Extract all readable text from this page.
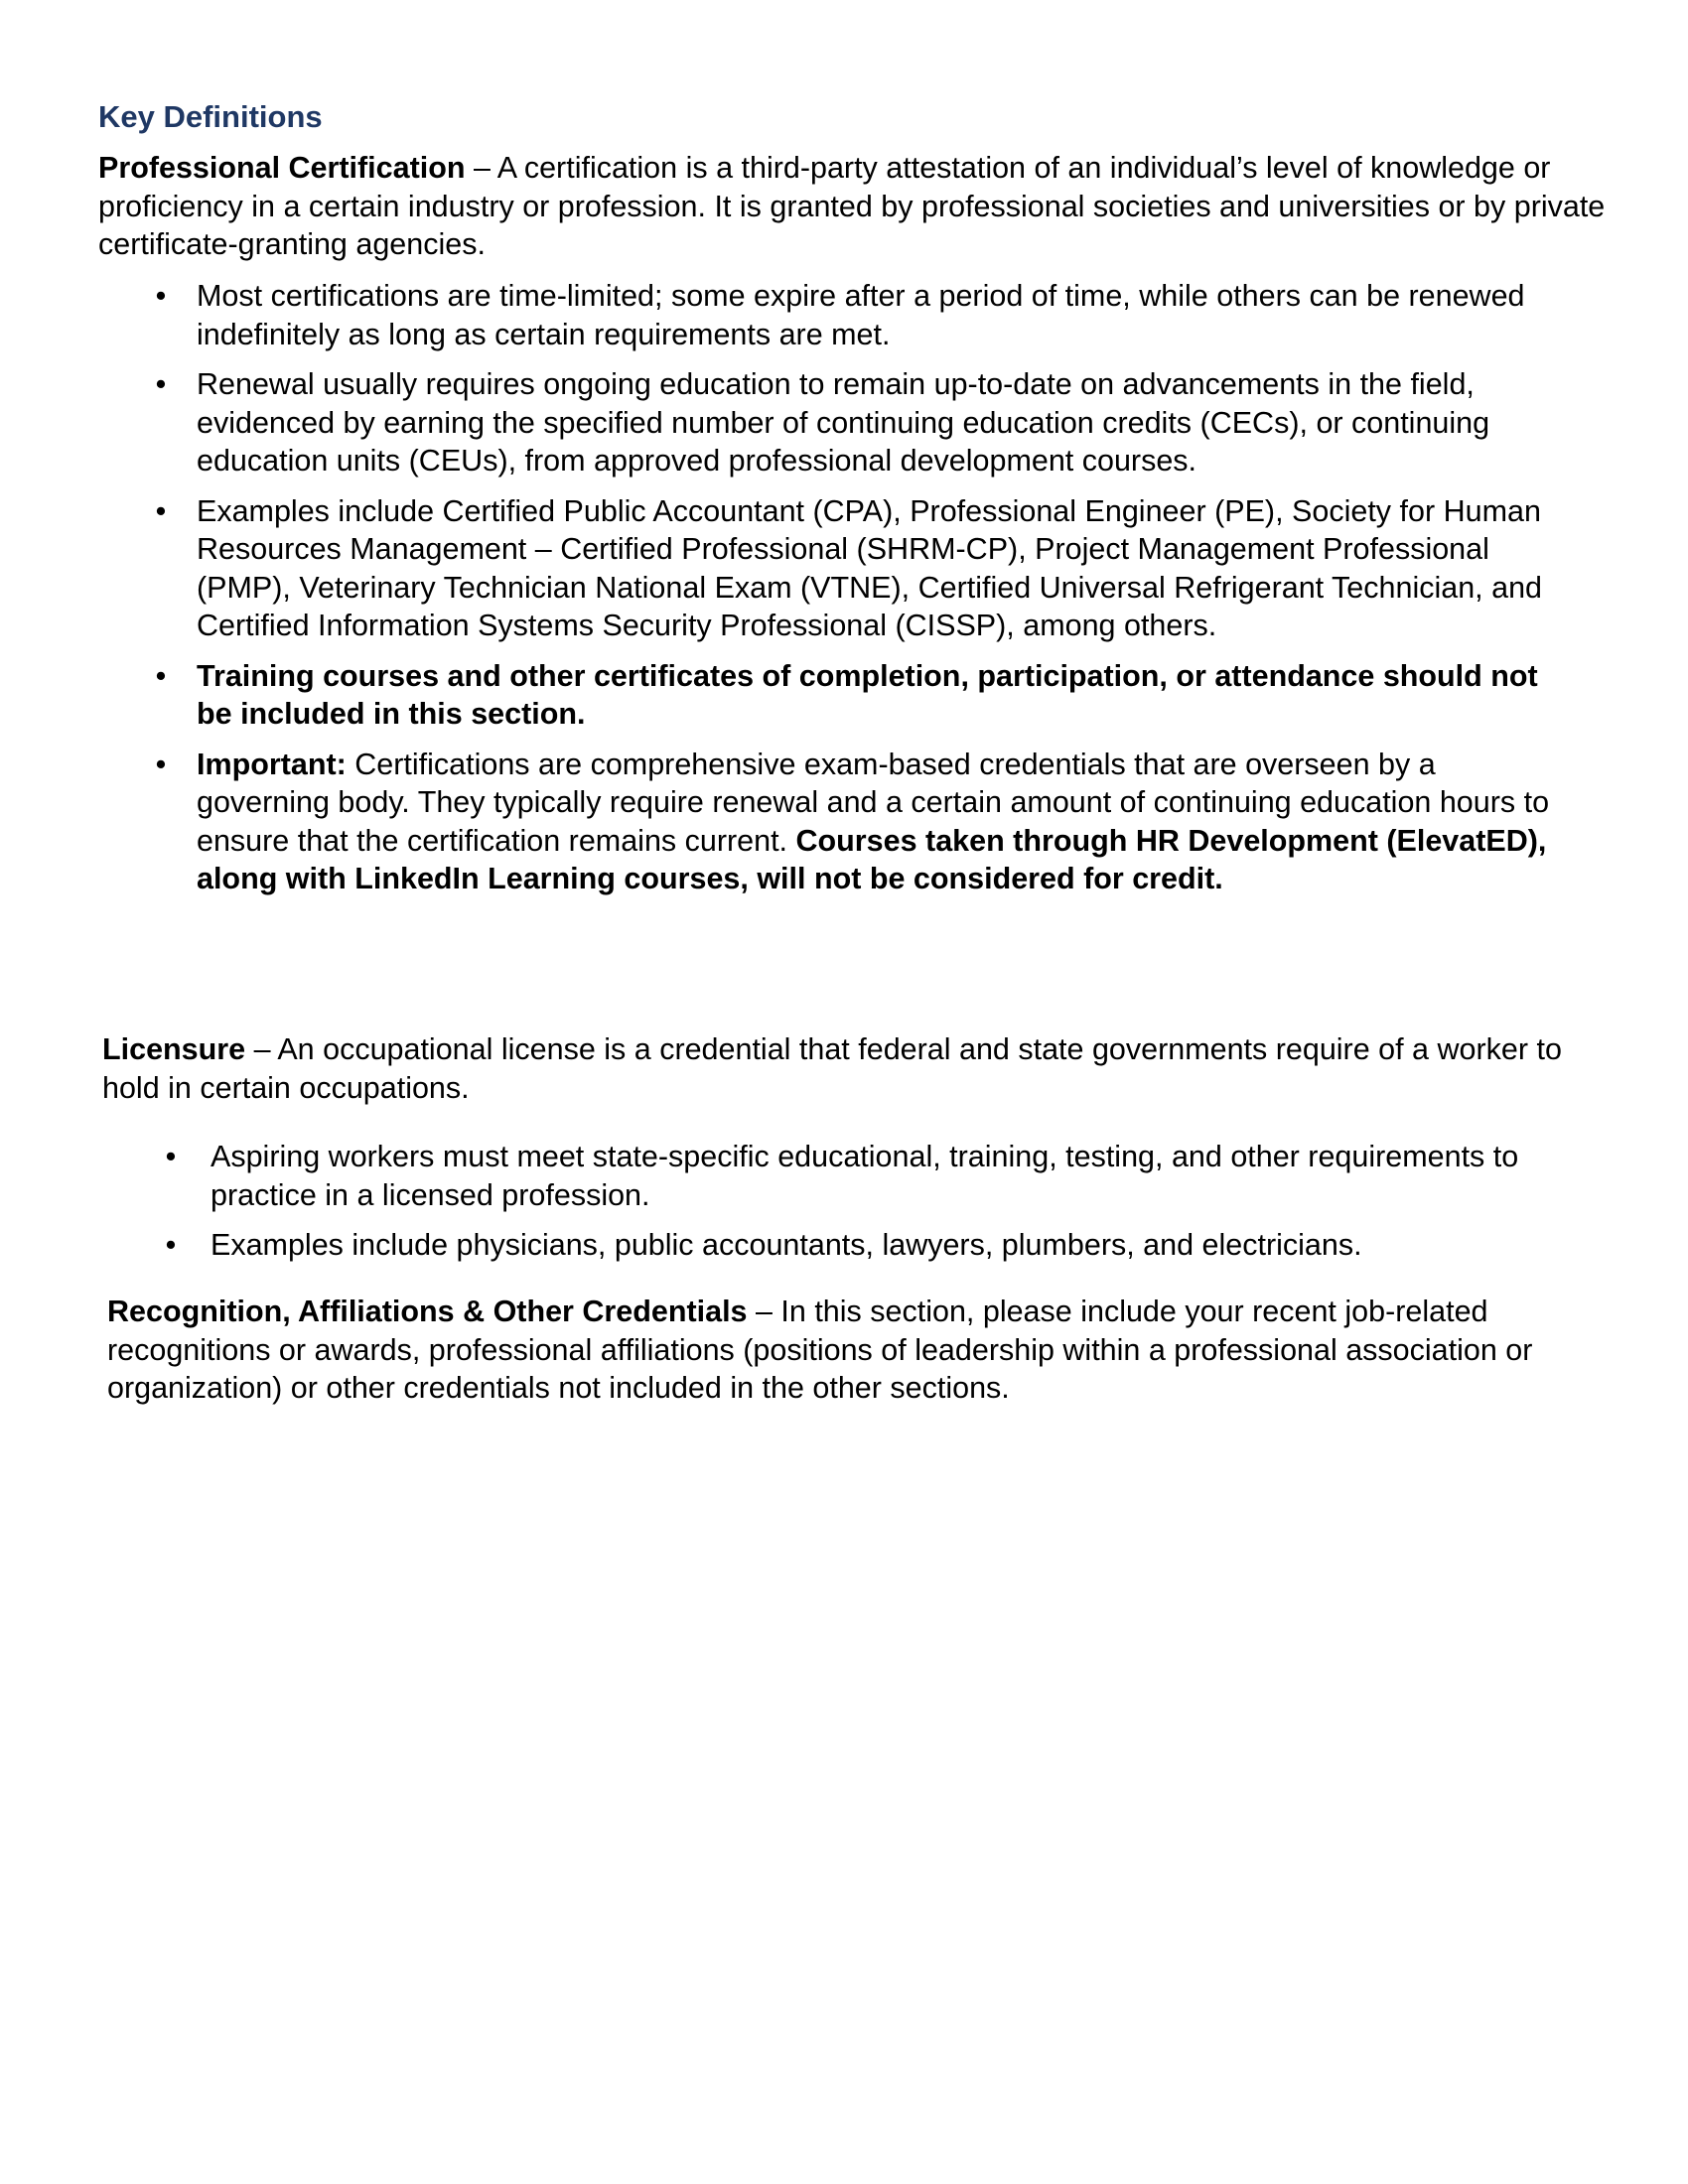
Key Definitions

Professional Certification – A certification is a third-party attestation of an individual’s level of knowledge or proficiency in a certain industry or profession. It is granted by professional societies and universities or by private certificate-granting agencies.

•	Most certifications are time-limited; some expire after a period of time, while others can be renewed indefinitely as long as certain requirements are met.
•	Renewal usually requires ongoing education to remain up-to-date on advancements in the field, evidenced by earning the specified number of continuing education credits (CECs), or continuing education units (CEUs), from approved professional development courses.
•	Examples include Certified Public Accountant (CPA), Professional Engineer (PE), Society for Human Resources Management – Certified Professional (SHRM-CP), Project Management Professional (PMP), Veterinary Technician National Exam (VTNE), Certified Universal Refrigerant Technician, and Certified Information Systems Security Professional (CISSP), among others.
•	Training courses and other certificates of completion, participation, or attendance should not be included in this section.
•	Important: Certifications are comprehensive exam-based credentials that are overseen by a governing body. They typically require renewal and a certain amount of continuing education hours to ensure that the certification remains current. Courses taken through HR Development (ElevatED), along with LinkedIn Learning courses, will not be considered for credit.

Licensure – An occupational license is a credential that federal and state governments require of a worker to hold in certain occupations.

•	Aspiring workers must meet state-specific educational, training, testing, and other requirements to practice in a licensed profession.
•	Examples include physicians, public accountants, lawyers, plumbers, and electricians.

Recognition, Affiliations & Other Credentials – In this section, please include your recent job-related recognitions or awards, professional affiliations (positions of leadership within a professional association or organization) or other credentials not included in the other sections.
